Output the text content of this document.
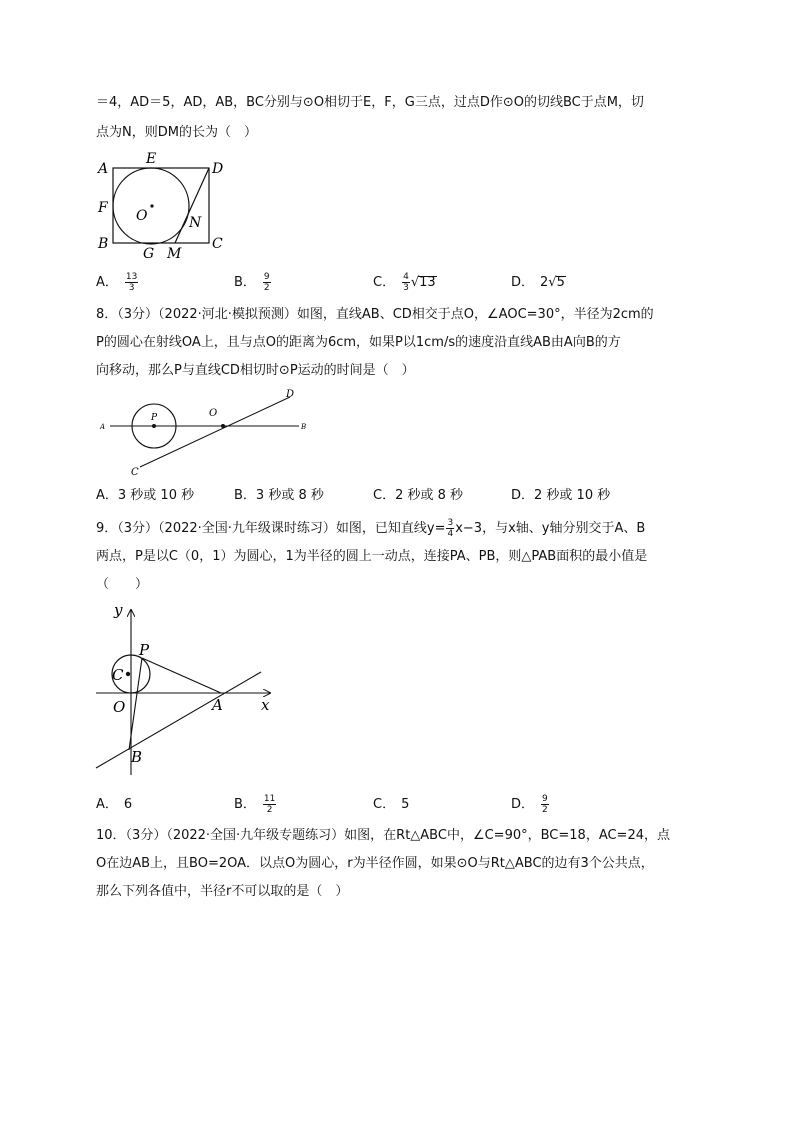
＝4，AD＝5，AD，AB，BC分别与⊙O相切于E，F，G三点，过点D作⊙O的切线BC于点M，切
点为N，则DM的长为（　）
A
E
D
F O	N
B
G M
C
A． $\frac{13}{3}$	B． $\frac{9}{2}$	C． $\frac{4}{3} √13$	D． 2√5
8．（3分）（2022·河北·模拟预测）如图，直线AB、CD相交于点O，∠AOC=30°，半径为2cm的
P的圆心在射线OA上，且与点O的距离为6cm，如果P以1cm/s的速度沿直线AB由A向B的方
向移动，那么P与直线CD相切时⊙P运动的时间是（　）
A
P	O
D
B
C
A．3 秒或 10 秒	B．3 秒或 8 秒	C．2 秒或 8 秒	D．2 秒或 10 秒
9．（3分）（2022·全国·九年级课时练习）如图，已知直线$y= \frac{3}{4} x-3$，与x轴、y轴分别交于A、B
两点，P是以C（0，1）为圆心，1为半径的圆上一动点，连接PA、PB，则△PAB面积的最小值是
（　　）
y
P
C
O	A	x
B
A． 6	B． $\frac{11}{2}$	C． 5	D． $\frac{9}{2}$
10．（3分）（2022·全国·九年级专题练习）如图，在Rt△ABC中，∠C=90°，BC=18，AC=24，点
O在边AB上，且BO=2OA．以点O为圆心，r为半径作圆，如果⊙O与Rt△ABC的边有3个公共点，
那么下列各值中，半径r不可以取的是（　）
